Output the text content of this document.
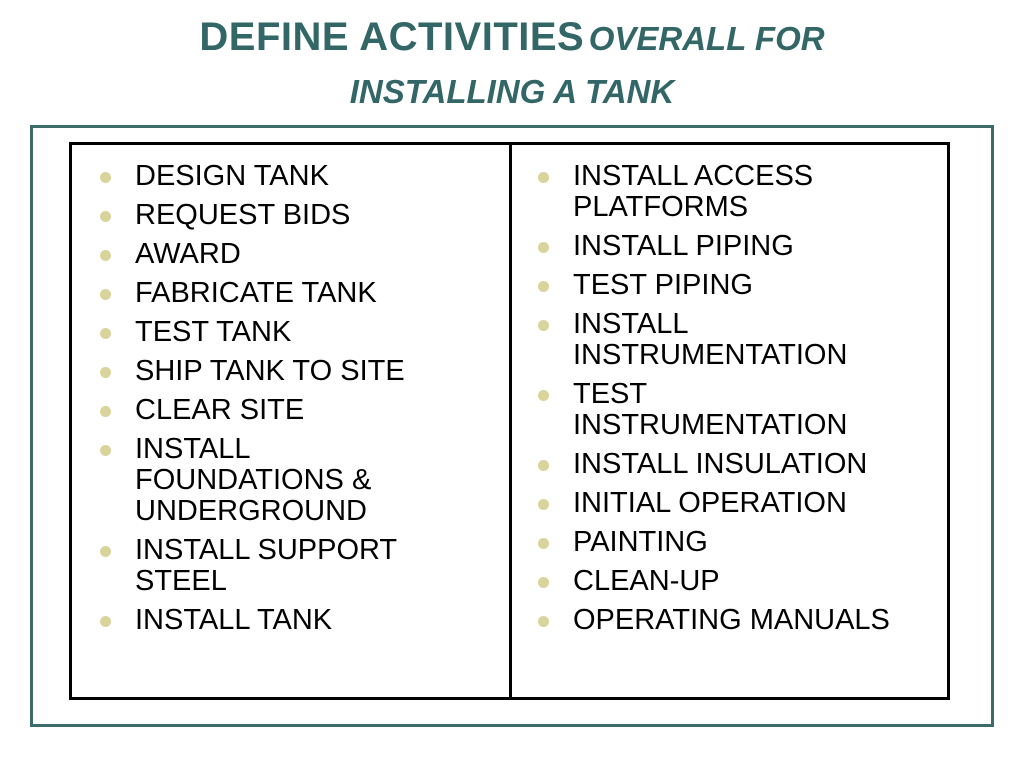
DEFINE ACTIVITIES OVERALL FOR
INSTALLING A TANK
DESIGN TANK
REQUEST BIDS
AWARD
FABRICATE TANK
TEST TANK
SHIP TANK TO SITE
CLEAR SITE
INSTALL FOUNDATIONS & UNDERGROUND
INSTALL SUPPORT STEEL
INSTALL TANK
INSTALL ACCESS PLATFORMS
INSTALL PIPING
TEST PIPING
INSTALL INSTRUMENTATION
TEST INSTRUMENTATION
INSTALL INSULATION
INITIAL OPERATION
PAINTING
CLEAN-UP
OPERATING MANUALS
